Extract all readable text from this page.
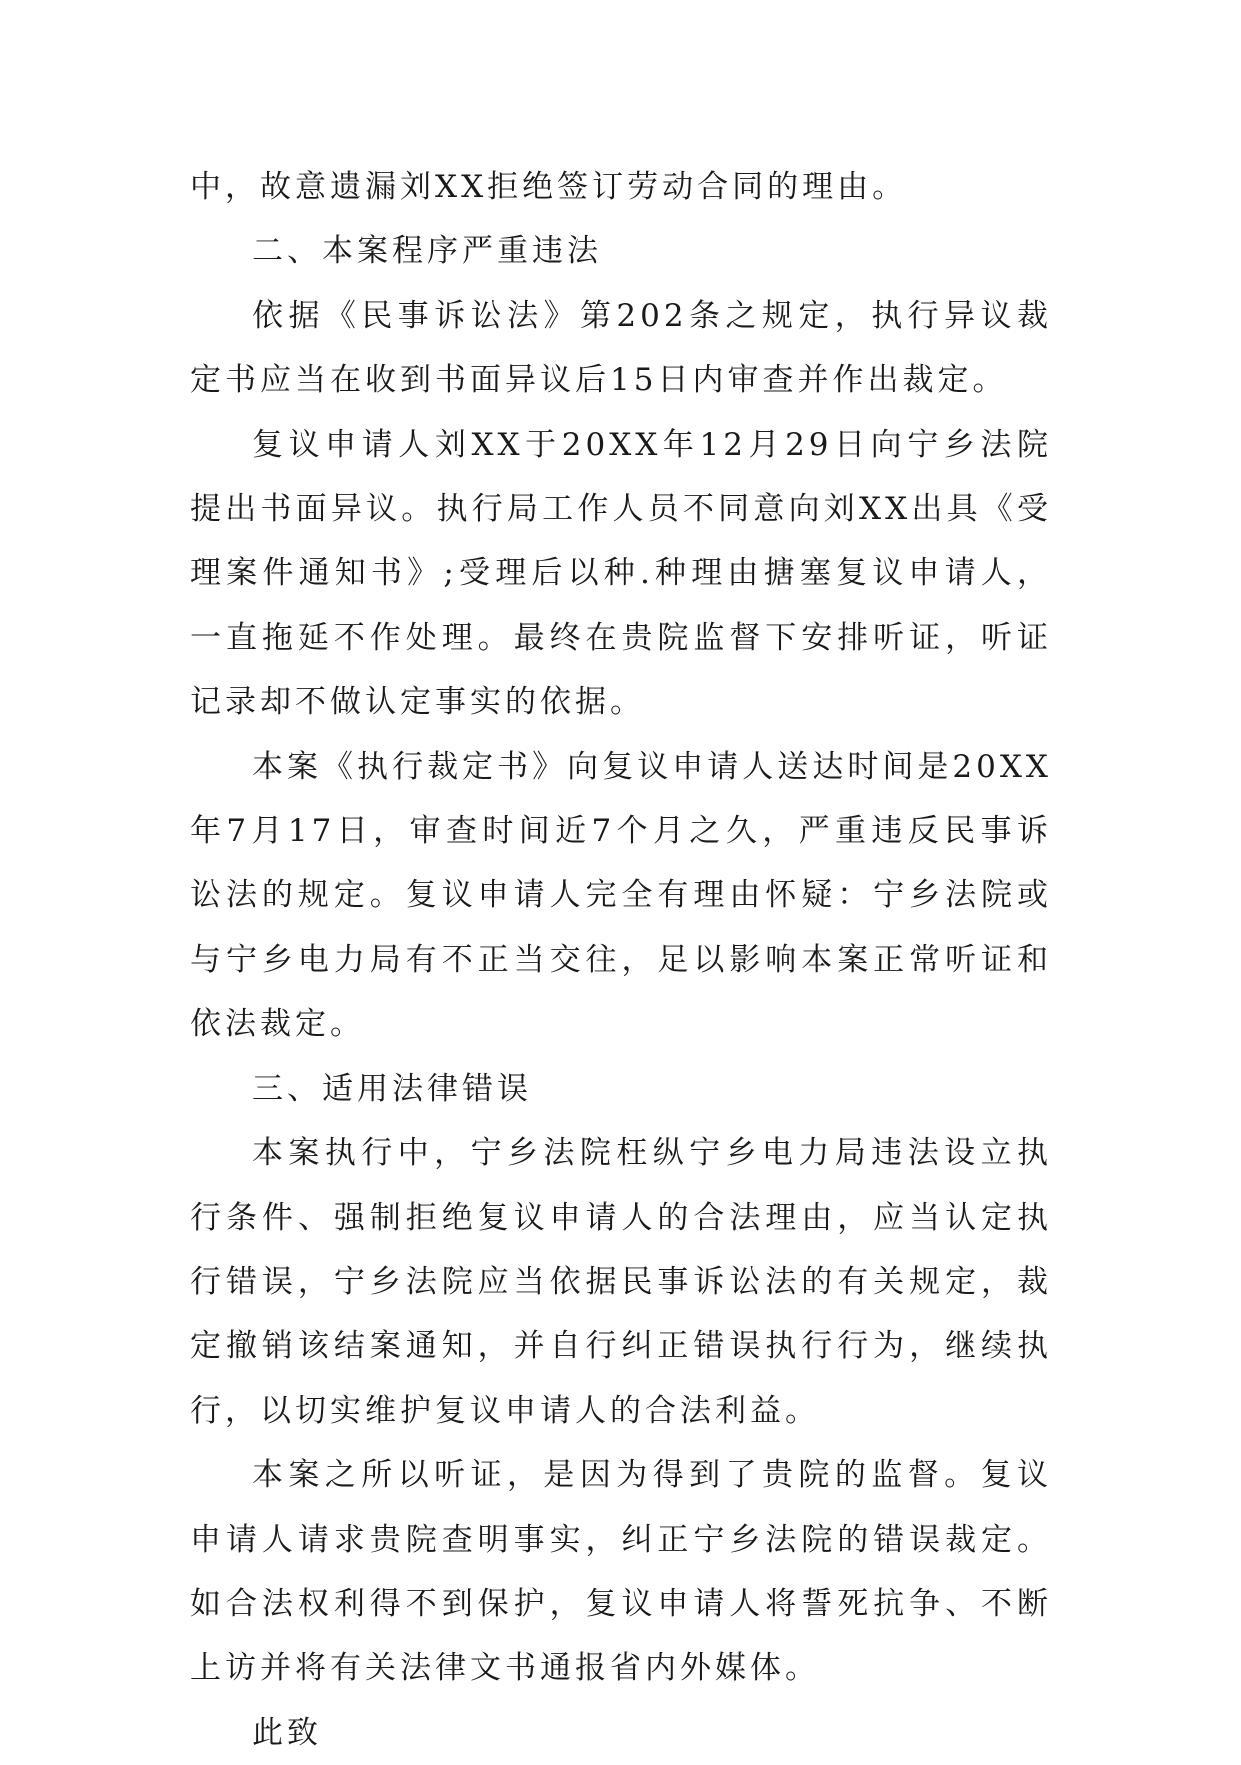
中，故意遗漏刘XX拒绝签订劳动合同的理由。

二、本案程序严重违法

依据《民事诉讼法》第202条之规定，执行异议裁定书应当在收到书面异议后15日内审查并作出裁定。

复议申请人刘XX于20XX年12月29日向宁乡法院提出书面异议。执行局工作人员不同意向刘XX出具《受理案件通知书》;受理后以种.种理由搪塞复议申请人，一直拖延不作处理。最终在贵院监督下安排听证，听证记录却不做认定事实的依据。

本案《执行裁定书》向复议申请人送达时间是20XX年7月17日，审查时间近7个月之久，严重违反民事诉讼法的规定。复议申请人完全有理由怀疑：宁乡法院或与宁乡电力局有不正当交往，足以影响本案正常听证和依法裁定。

三、适用法律错误

本案执行中，宁乡法院枉纵宁乡电力局违法设立执行条件、强制拒绝复议申请人的合法理由，应当认定执行错误，宁乡法院应当依据民事诉讼法的有关规定，裁定撤销该结案通知，并自行纠正错误执行行为，继续执行，以切实维护复议申请人的合法利益。

本案之所以听证，是因为得到了贵院的监督。复议申请人请求贵院查明事实，纠正宁乡法院的错误裁定。如合法权利得不到保护，复议申请人将誓死抗争、不断上访并将有关法律文书通报省内外媒体。

此致
